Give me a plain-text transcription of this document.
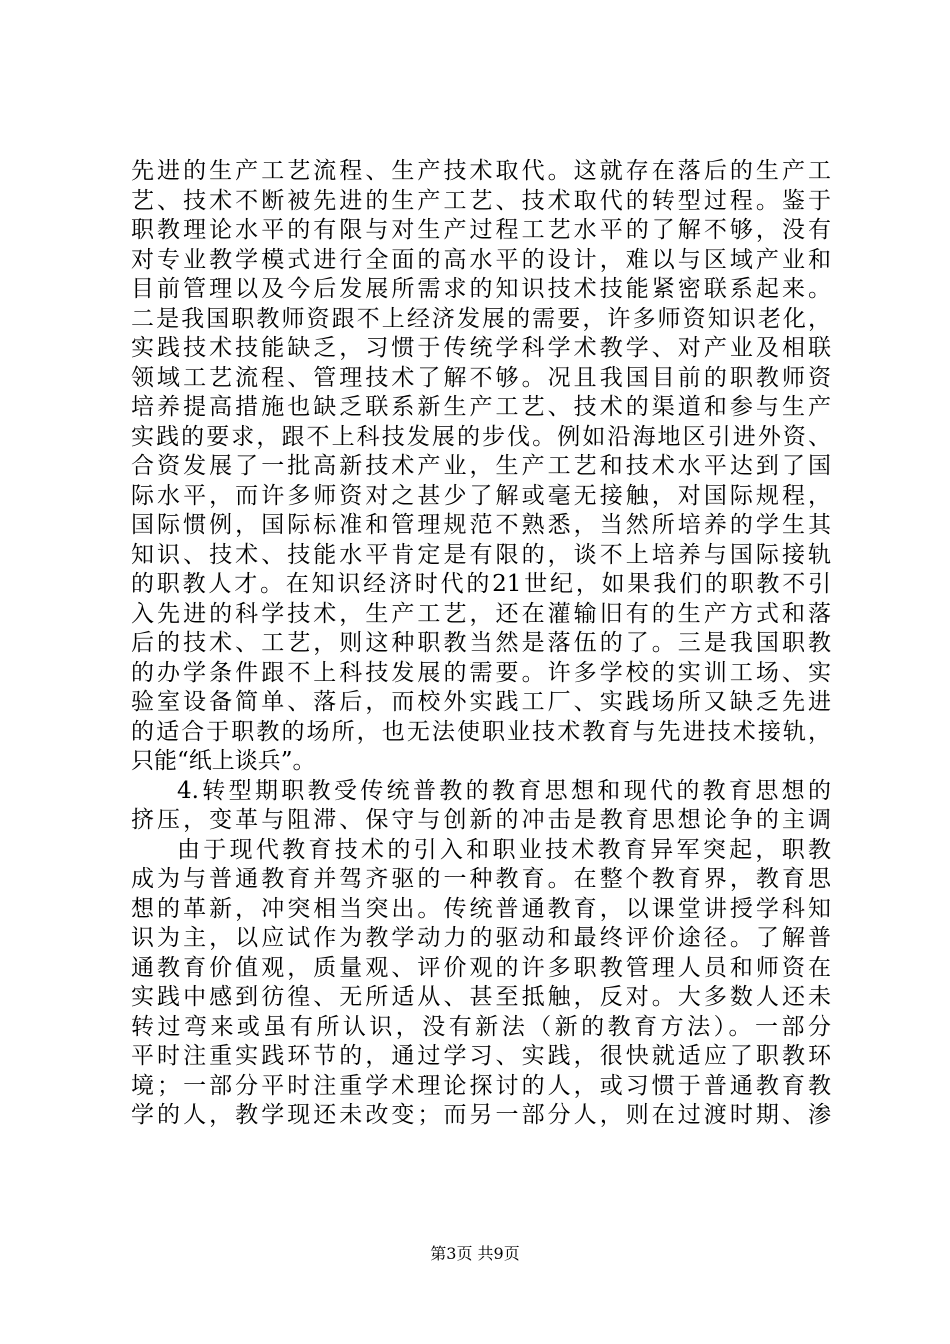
先进的生产工艺流程、生产技术取代。这就存在落后的生产工
艺、技术不断被先进的生产工艺、技术取代的转型过程。鉴于
职教理论水平的有限与对生产过程工艺水平的了解不够，没有
对专业教学模式进行全面的高水平的设计，难以与区域产业和
目前管理以及今后发展所需求的知识技术技能紧密联系起来。
二是我国职教师资跟不上经济发展的需要，许多师资知识老化，
实践技术技能缺乏，习惯于传统学科学术教学、对产业及相联
领域工艺流程、管理技术了解不够。况且我国目前的职教师资
培养提高措施也缺乏联系新生产工艺、技术的渠道和参与生产
实践的要求，跟不上科技发展的步伐。例如沿海地区引进外资、
合资发展了一批高新技术产业，生产工艺和技术水平达到了国
际水平，而许多师资对之甚少了解或毫无接触，对国际规程，
国际惯例，国际标准和管理规范不熟悉，当然所培养的学生其
知识、技术、技能水平肯定是有限的，谈不上培养与国际接轨
的职教人才。在知识经济时代的21世纪，如果我们的职教不引
入先进的科学技术，生产工艺，还在灌输旧有的生产方式和落
后的技术、工艺，则这种职教当然是落伍的了。三是我国职教
的办学条件跟不上科技发展的需要。许多学校的实训工场、实
验室设备简单、落后，而校外实践工厂、实践场所又缺乏先进
的适合于职教的场所，也无法使职业技术教育与先进技术接轨，
只能“纸上谈兵”。
4.转型期职教受传统普教的教育思想和现代的教育思想的
挤压，变革与阻滞、保守与创新的冲击是教育思想论争的主调
由于现代教育技术的引入和职业技术教育异军突起，职教
成为与普通教育并驾齐驱的一种教育。在整个教育界，教育思
想的革新，冲突相当突出。传统普通教育，以课堂讲授学科知
识为主，以应试作为教学动力的驱动和最终评价途径。了解普
通教育价值观，质量观、评价观的许多职教管理人员和师资在
实践中感到彷徨、无所适从、甚至抵触，反对。大多数人还未
转过弯来或虽有所认识，没有新法（新的教育方法）。一部分
平时注重实践环节的，通过学习、实践，很快就适应了职教环
境；一部分平时注重学术理论探讨的人，或习惯于普通教育教
学的人，教学现还未改变；而另一部分人，则在过渡时期、渗
第3页 共9页
